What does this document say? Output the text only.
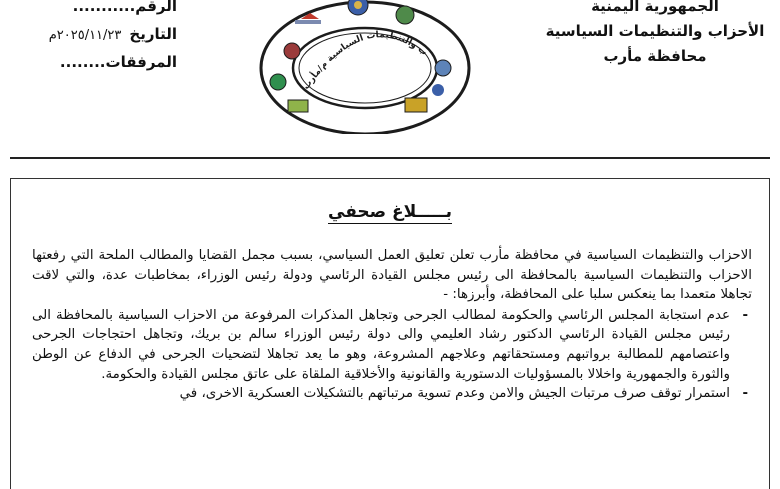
الجمهورية اليمنية
الأحزاب والتنظيمات السياسية
محافظة مأرب
الرقم...........
التاريخ٢٠٢٥/١١/٢٣م
المرفقات........
ب والتنظيمات السياسية م/مأرب
بـــــلاغ صحفي

الاحزاب والتنظيمات السياسية في محافظة مأرب تعلن تعليق العمل السياسي، بسبب مجمل القضايا والمطالب الملحة التي رفعتها الاحزاب والتنظيمات السياسية بالمحافظة الى رئيس مجلس القيادة الرئاسي ودولة رئيس الوزراء، بمخاطبات عدة، والتي لاقت تجاهلا متعمدا بما ينعكس سلبا على المحافظة، وأبرزها: -

- عدم استجابة المجلس الرئاسي والحكومة لمطالب الجرحى وتجاهل المذكرات المرفوعة من الاحزاب السياسية بالمحافظة الى رئيس مجلس القيادة الرئاسي الدكتور رشاد العليمي والى دولة رئيس الوزراء سالم بن بريك، وتجاهل احتجاجات الجرحى واعتصامهم للمطالبة برواتبهم ومستحقاتهم وعلاجهم المشروعة، وهو ما يعد تجاهلا لتضحيات الجرحى في الدفاع عن الوطن والثورة والجمهورية واخلالا بالمسؤوليات الدستورية والقانونية والأخلاقية الملقاة على عاتق مجلس القيادة والحكومة.
- استمرار توقف صرف مرتبات الجيش والامن وعدم تسوية مرتباتهم بالتشكيلات العسكرية الاخرى، في
